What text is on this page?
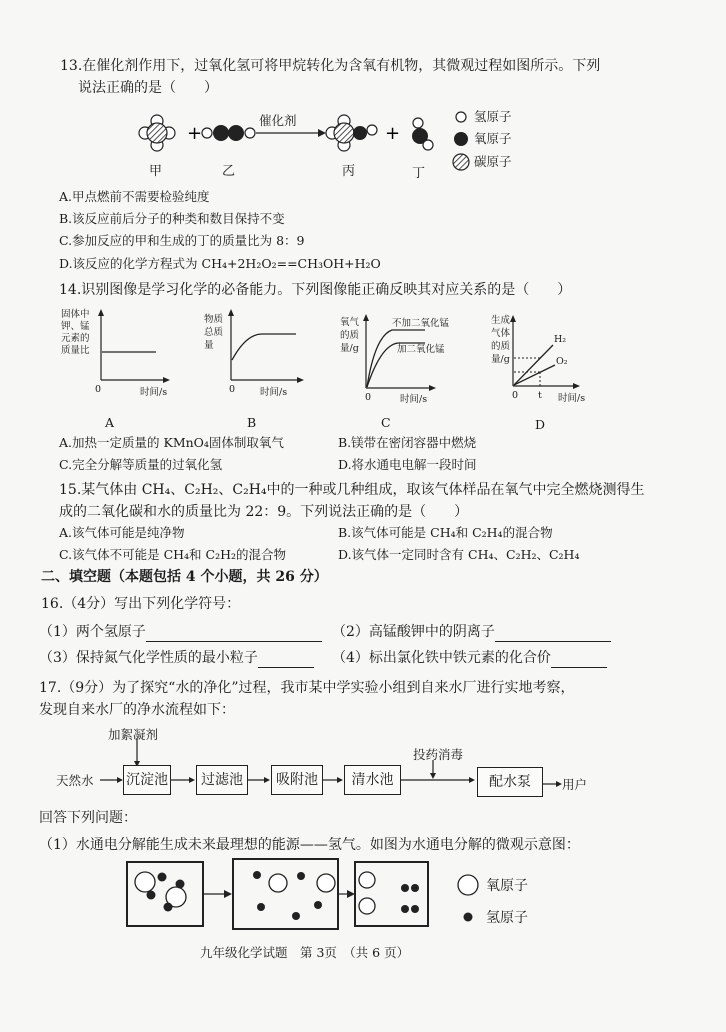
13.在催化剂作用下，过氧化氢可将甲烷转化为含氧有机物，其微观过程如图所示。下列
说法正确的是（　　）
+	+
催化剂
甲	乙	丙	丁
氢原子
氧原子
碳原子
A.甲点燃前不需要检验纯度
B.该反应前后分子的种类和数目保持不变
C.参加反应的甲和生成的丁的质量比为 8：9
D.该反应的化学方程式为 CH₄+2H₂O₂==CH₃OH+H₂O
14.识别图像是学习化学的必备能力。下列图像能正确反映其对应关系的是（　　）
固体中
钾、锰
元素的
质量比
0	时间/s
A
物质
总质
量
0	时间/s
B
氧气
的质
量/g
不加二氧化锰
加二氧化锰
0	时间/s
C
生成
气体
的质
量/g
H₂
O₂
0 t 时间/s
D
A.加热一定质量的 KMnO₄固体制取氧气	B.镁带在密闭容器中燃烧
C.完全分解等质量的过氧化氢	D.将水通电电解一段时间
15.某气体由 CH₄、C₂H₂、C₂H₄中的一种或几种组成，取该气体样品在氧气中完全燃烧测得生
成的二氧化碳和水的质量比为 22：9。下列说法正确的是（　　）
A.该气体可能是纯净物	B.该气体可能是 CH₄和 C₂H₄的混合物
C.该气体不可能是 CH₄和 C₂H₂的混合物	D.该气体一定同时含有 CH₄、C₂H₂、C₂H₄
二、填空题（本题包括 4 个小题，共 26 分）
16.（4分）写出下列化学符号：
（1）两个氢原子	（2）高锰酸钾中的阴离子
（3）保持氮气化学性质的最小粒子	（4）标出氯化铁中铁元素的化合价
17.（9分）为了探究“水的净化”过程，我市某中学实验小组到自来水厂进行实地考察，
发现自来水厂的净水流程如下：
加絮凝剂
投药消毒
天然水 沉淀池	过滤池	吸附池	清水池	配水泵	用户
回答下列问题：
（1）水通电分解能生成未来最理想的能源——氢气。如图为水通电分解的微观示意图：
氧原子
氢原子
九年级化学试题　第 3页　（共 6 页）
